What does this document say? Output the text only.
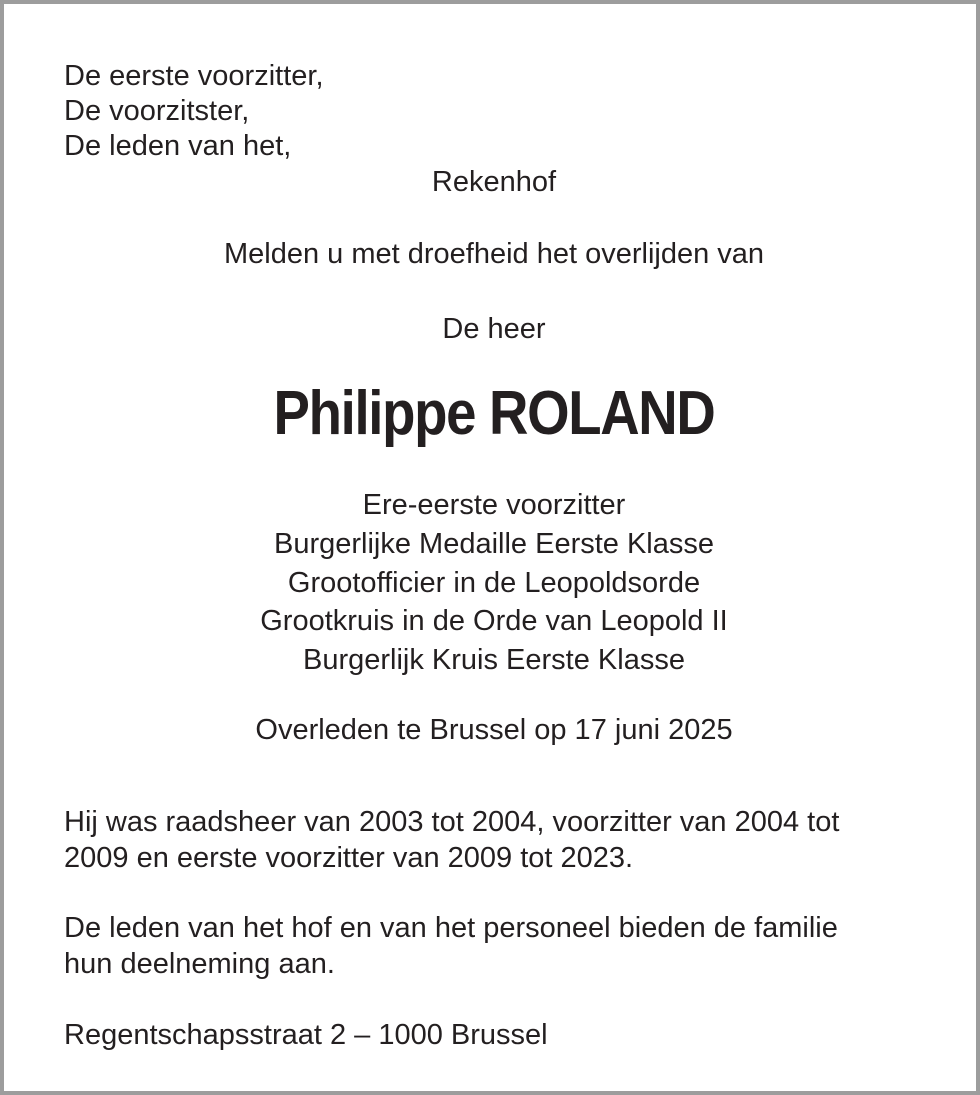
De eerste voorzitter,

De voorzitster,

De leden van het,

Rekenhof

Melden u met droefheid het overlijden van

De heer

Philippe ROLAND

Ere-eerste voorzitter

Burgerlijke Medaille Eerste Klasse

Grootofficier in de Leopoldsorde

Grootkruis in de Orde van Leopold II

Burgerlijk Kruis Eerste Klasse

Overleden te Brussel op 17 juni 2025

Hij was raadsheer van 2003 tot 2004, voorzitter van 2004 tot

2009 en eerste voorzitter van 2009 tot 2023.

De leden van het hof en van het personeel bieden de familie

hun deelneming aan.

Regentschapsstraat 2 – 1000 Brussel
